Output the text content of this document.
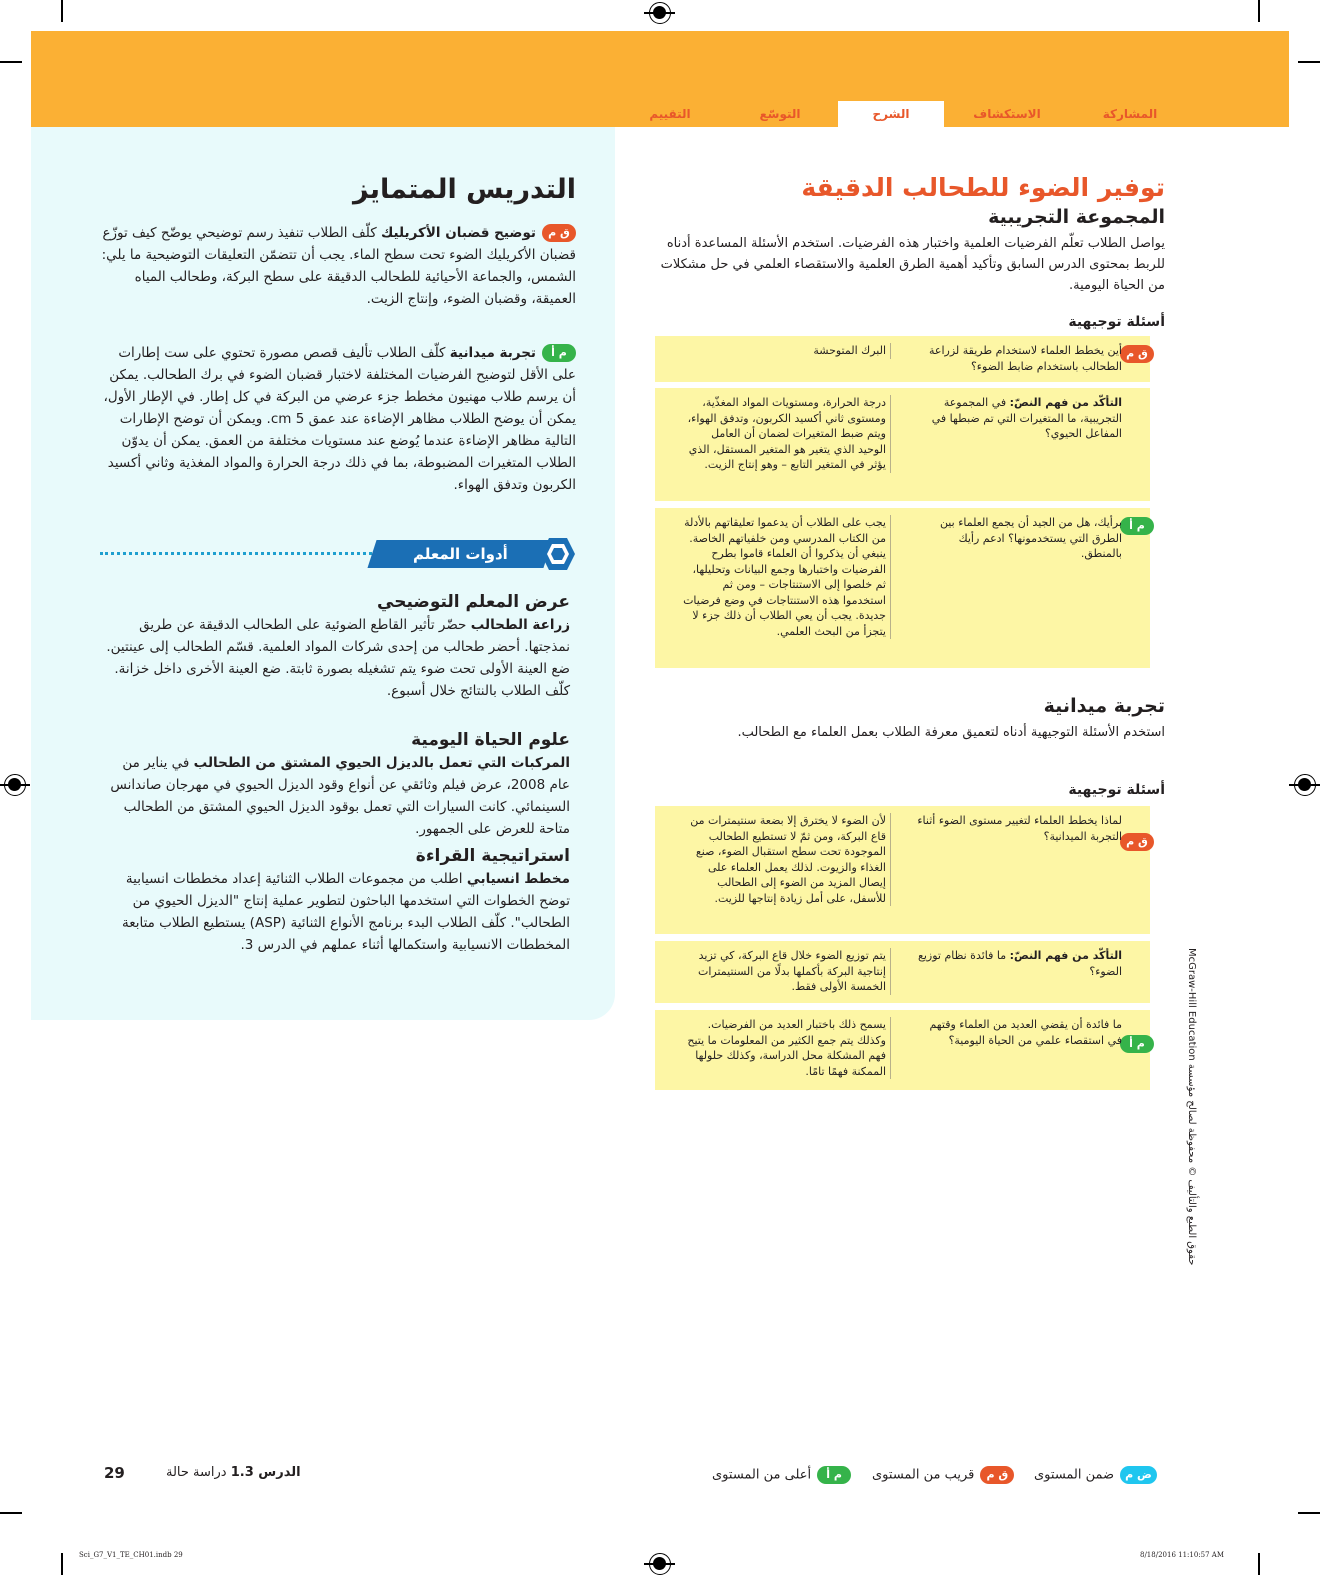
المشاركة
الاستكشاف
الشرح
التوسّع
التقييم
توفير الضوء للطحالب الدقيقة
المجموعة التجريبية
يواصل الطلاب تعلّم الفرضيات العلمية واختبار هذه الفرضيات. استخدم الأسئلة المساعدة أدناه للربط بمحتوى الدرس السابق وتأكيد أهمية الطرق العلمية والاستقصاء العلمي في حل مشكلات من الحياة اليومية.
أسئلة توجيهية
ق م
أين يخطط العلماء لاستخدام طريقة لزراعة الطحالب باستخدام ضابط الضوء؟
البرك المتوحشة
التأكّد من فهم النصّ: في المجموعة التجريبية، ما المتغيرات التي تم ضبطها في المفاعل الحيوي؟
درجة الحرارة، ومستويات المواد المغذّية، ومستوى ثاني أكسيد الكربون، وتدفق الهواء، ويتم ضبط المتغيرات لضمان أن العامل الوحيد الذي يتغير هو المتغير المستقل، الذي يؤثر في المتغير التابع – وهو إنتاج الزيت.
م أ
برأيك، هل من الجيد أن يجمع العلماء بين الطرق التي يستخدمونها؟ ادعم رأيك بالمنطق.
يجب على الطلاب أن يدعموا تعليقاتهم بالأدلة من الكتاب المدرسي ومن خلفياتهم الخاصة. ينبغي أن يذكروا أن العلماء قاموا بطرح الفرضيات واختبارها وجمع البيانات وتحليلها، ثم خلصوا إلى الاستنتاجات – ومن ثم استخدموا هذه الاستنتاجات في وضع فرضيات جديدة. يجب أن يعي الطلاب أن ذلك جزء لا يتجزأ من البحث العلمي.
تجربة ميدانية
استخدم الأسئلة التوجيهية أدناه لتعميق معرفة الطلاب بعمل العلماء مع الطحالب.
أسئلة توجيهية
ق م
لماذا يخطط العلماء لتغيير مستوى الضوء أثناء التجربة الميدانية؟
لأن الضوء لا يخترق إلا بضعة سنتيمترات من قاع البركة، ومن ثمّ لا تستطيع الطحالب الموجودة تحت سطح استقبال الضوء، صنع الغذاء والزيوت. لذلك يعمل العلماء على إيصال المزيد من الضوء إلى الطحالب للأسفل، على أمل زيادة إنتاجها للزيت.
التأكّد من فهم النصّ: ما فائدة نظام توزيع الضوء؟
يتم توزيع الضوء خلال قاع البركة، كي تزيد إنتاجية البركة بأكملها بدلًا من السنتيمترات الخمسة الأولى فقط.
م أ
ما فائدة أن يقضي العديد من العلماء وقتهم في استقصاء علمي من الحياة اليومية؟
يسمح ذلك باختبار العديد من الفرضيات. وكذلك يتم جمع الكثير من المعلومات ما يتيح فهم المشكلة محل الدراسة، وكذلك حلولها الممكنة فهمًا تامًا.
التدريس المتمايز
ق متوضيح قضبان الأكريليك كلّف الطلاب تنفيذ رسم توضيحي يوضّح كيف توزّع قضبان الأكريليك الضوء تحت سطح الماء. يجب أن تتضمّن التعليقات التوضيحية ما يلي: الشمس، والجماعة الأحيائية للطحالب الدقيقة على سطح البركة، وطحالب المياه العميقة، وقضبان الضوء، وإنتاج الزيت.
م أتجربة ميدانية كلّف الطلاب تأليف قصص مصورة تحتوي على ست إطارات على الأقل لتوضيح الفرضيات المختلفة لاختبار قضبان الضوء في برك الطحالب. يمكن أن يرسم طلاب مهنيون مخطط جزء عرضي من البركة في كل إطار. في الإطار الأول، يمكن أن يوضح الطلاب مظاهر الإضاءة عند عمق 5 cm. ويمكن أن توضح الإطارات التالية مظاهر الإضاءة عندما يُوضع عند مستويات مختلفة من العمق. يمكن أن يدوّن الطلاب المتغيرات المضبوطة، بما في ذلك درجة الحرارة والمواد المغذية وثاني أكسيد الكربون وتدفق الهواء.
أدوات المعلم
عرض المعلم التوضيحي
زراعة الطحالب حضّر تأثير القاطع الضوئية على الطحالب الدقيقة عن طريق نمذجتها. أحضر طحالب من إحدى شركات المواد العلمية. قسّم الطحالب إلى عينتين. ضع العينة الأولى تحت ضوء يتم تشغيله بصورة ثابتة. ضع العينة الأخرى داخل خزانة. كلّف الطلاب بالنتائج خلال أسبوع.
علوم الحياة اليومية
المركبات التي تعمل بالديزل الحيوي المشتق من الطحالب في يناير من عام 2008، عرض فيلم وثائقي عن أنواع وقود الديزل الحيوي في مهرجان صاندانس السينمائي. كانت السيارات التي تعمل بوقود الديزل الحيوي المشتق من الطحالب متاحة للعرض على الجمهور.
استراتيجية القراءة
مخطط انسيابي اطلب من مجموعات الطلاب الثنائية إعداد مخططات انسيابية توضح الخطوات التي استخدمها الباحثون لتطوير عملية إنتاج "الديزل الحيوي من الطحالب". كلّف الطلاب البدء برنامج الأنواع الثنائية (ASP) يستطيع الطلاب متابعة المخططات الانسيابية واستكمالها أثناء عملهم في الدرس 3.
حقوق الطبع والتأليف © محفوظة لصالح مؤسسة McGraw-Hill Education
29	الدرس 1.3 دراسة حالة	ض مضمن المستوى
ق مقريب من المستوى
م أأعلى من المستوى
Sci_G7_V1_TE_CH01.indb 29	8/18/2016 11:10:57 AM
